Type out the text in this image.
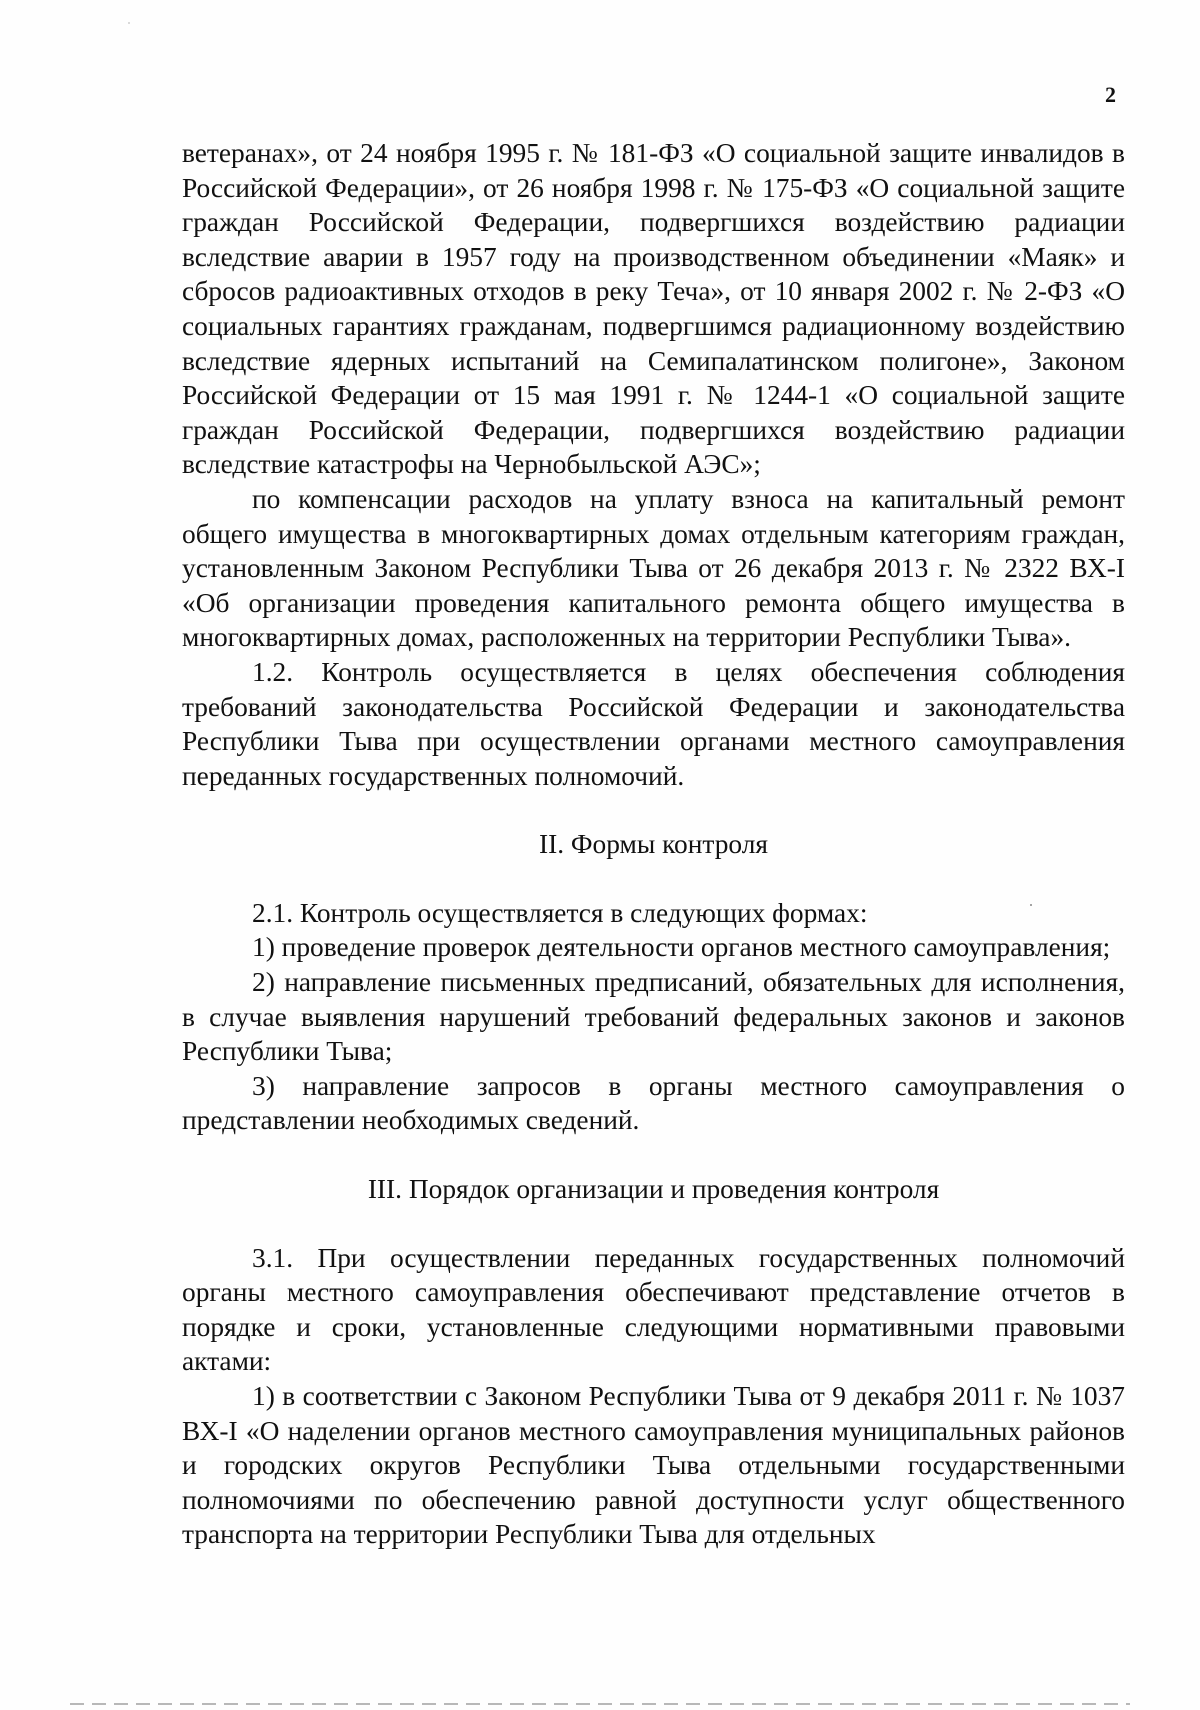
2

ветеранах», от 24 ноября 1995 г. № 181-ФЗ «О социальной защите инвалидов в Российской Федерации», от 26 ноября 1998 г. № 175-ФЗ «О социальной защите граждан Российской Федерации, подвергшихся воздействию радиации вследствие аварии в 1957 году на производственном объединении «Маяк» и сбросов радиоактивных отходов в реку Теча», от 10 января 2002 г. № 2-ФЗ «О социальных гарантиях гражданам, подвергшимся радиационному воздействию вследствие ядерных испытаний на Семипалатинском полигоне», Законом Российской Федерации от 15 мая 1991 г. № 1244-1 «О социальной защите граждан Российской Федерации, подвергшихся воздействию радиации вследствие катастрофы на Чернобыльской АЭС»;

по компенсации расходов на уплату взноса на капитальный ремонт общего имущества в многоквартирных домах отдельным категориям граждан, установленным Законом Республики Тыва от 26 декабря 2013 г. № 2322 ВХ-I «Об организации проведения капитального ремонта общего имущества в многоквартирных домах, расположенных на территории Республики Тыва».

1.2. Контроль осуществляется в целях обеспечения соблюдения требований законодательства Российской Федерации и законодательства Республики Тыва при осуществлении органами местного самоуправления переданных государственных полномочий.

II. Формы контроля

2.1. Контроль осуществляется в следующих формах:

1) проведение проверок деятельности органов местного самоуправления;

2) направление письменных предписаний, обязательных для исполнения, в случае выявления нарушений требований федеральных законов и законов Республики Тыва;

3) направление запросов в органы местного самоуправления о представлении необходимых сведений.

III. Порядок организации и проведения контроля

3.1. При осуществлении переданных государственных полномочий органы местного самоуправления обеспечивают представление отчетов в порядке и сроки, установленные следующими нормативными правовыми актами:

1) в соответствии с Законом Республики Тыва от 9 декабря 2011 г. № 1037 ВХ-I «О наделении органов местного самоуправления муниципальных районов и городских округов Республики Тыва отдельными государственными полномочиями по обеспечению равной доступности услуг общественного транспорта на территории Республики Тыва для отдельных
